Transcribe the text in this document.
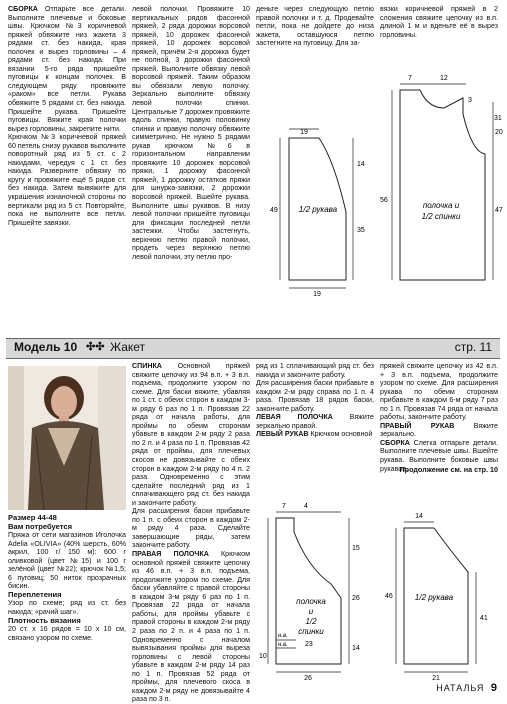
СБОРКА Отпарьте все детали. Выполните плечевые и боковые швы. Крючком №3 коричневой пряжей обвяжите низ жакета 3 рядами ст. без накида, края полочек и вырез горловины – 4 рядами ст. без накида. При вязании 5-го ряда пришейте пуговицы к концам полочек. В следующем ряду провяжите «раком» все петли. Рукава обвяжите 5 рядами ст. без накида. Пришейте рукава. Пришейте пуговицы. Вяжите края полочки вырез горловины, закрепите нити.

Крючком №3 коричневой пряжей 60 петель снизу рукавов выполните поворотный ряд из 5 ст. с 2 накидами, чередуя с 1 ст. без накида. Разверните обвязку по кругу и провяжите ещё 5 рядов ст. без накида. Затем вывяжите для украшения изнаночной стороны по вертикали ряд из 5 ст. Повторяйте, пока не выполните все петли. Пришейте завязки.

левой полочки. Провяжите 10 вертикальных рядов фасонной пряжей, 2 ряда дорожки ворсовой пряжей, 10 дорожек фасонной пряжей, 10 дорожек ворсовой пряжей, причём 2-я дорожка будет не полной, 3 дорожки фасонной пряжей. Выполните обвязку левой ворсовой пряжей. Таким образом вы обвязали левую полочку. Зеркально выполните обвязку левой полочки спинки. Центральные 7 дорожек провяжите вдоль спинки, правую половинку спинки и правую полочку обвяжите симметрично. Не нужно 5 рядами рукав крючком №6 в горизонтальном направлении провяжите 10 дорожек ворсовой пряжи, 1 дорожку фасонной пряжей, 1 дорожку остатков пряжи для шнурка-завязки, 2 дорожки ворсовой пряжей. Вшейте рукава. Выполните швы рукавов. В низу левой полочки пришейте пуговицы для фиксации последней петли застежки. Чтобы застегнуть, верхнюю петлю правой полочки, продеть через верхнюю петлю левой полочки, эту петлю про-

деньте через следующую петлю правой полочки и т. д. Продевайте петли, пока не дойдете до низа жакета, оставшуюся петлю застегните на пуговицу. Для за-

вязки коричневой пряжей в 2 сложения свяжите цепочку из в.п. длиной 1 м и вденьте её в вырез горловины.

19
14
49
35
19
1/2 рукава
7	12
3
31
56
20
47
полочка и
1/2 спинки
Модель 10 ✣✣ Жакет	стр. 11

Размер 44-48

Вам потребуется

Пряжа от сети магазинов Иголочка Adelia «OLIVIA» (40% шерсть, 60% акрил, 100 г/ 150 м): 600 г оливковой (цвет №15) и 100 г зелёной (цвет №22); крючок №1,5; 6 пуговиц; 50 ниток прозрачных бисин.

Переплетения

Узор по схеме; ряд из ст. без накида; «рачий шаг».

Плотность вязания

20 ст. x 16 рядов = 10 x 10 см, связано узором по схеме.

СПИНКА Основной пряжей свяжите цепочку из 94 в.п. + 3 в.п. подъема, продолжите узором по схеме. Для баски вяжите, убавляя по 1 ст. с обеих сторон в каждом 3-м ряду 6 раз по 1 п. Провязав 22 ряда от начала работы, для проймы по обеим сторонам убавьте в каждом 2-м ряду 2 раза по 2 п. и 4 раза по 1 п. Провязав 42 ряда от проймы, для плечевых скосов не довязывайте с обеих сторон в каждом 2-м ряду по 4 п. 2 раза. Одновременно с этим сделайте последний ряд из 1 сплачивающего ряд ст. без накида и закончите работу.

Для расширения баски прибавьте по 1 п. с обеих сторон в каждом 2-м ряду 4 раза. Сделайте завершающие ряды, затем закончите работу.

ПРАВАЯ ПОЛОЧКА Крючком основной пряжей свяжите цепочку из 46 в.п. + 3 в.п. подъема, продолжите узором по схеме. Для баски убавляйте с правой стороны в каждом 3-м ряду 6 раз по 1 п. Провязав 22 ряда от начала работы, для проймы убавьте с правой стороны в каждом 2-м ряду 2 раза по 2 п. и 4 раза по 1 п. Одновременно с началом вывязывания проймы для выреза горловины с левой стороны убавьте в каждом 2-м ряду 14 раз по 1 п. Провязав 52 ряда от проймы, для плечевого скоса в каждом 2-м ряду не довязывайте 4 раза по 3 п.

ряд из 1 сплачивающий ряд ст. без накида и закончите работу.

Для расширения баски прибавьте в каждом 2-м ряду справа по 1 п. 4 раза. Провязав 18 рядов баски, закончите работу.

ЛЕВАЯ ПОЛОЧКА Вяжите зеркально правой.

ЛЕВЫЙ РУКАВ Крючком основной

пряжей свяжите цепочку из 42 в.п. + 3 в.п. подъема, продолжите узором по схеме. Для расширения рукава по обеим сторонам прибавьте в каждом 6-м ряду 7 раз по 1 п. Провязав 74 ряда от начала работы, закончите работу.

ПРАВЫЙ РУКАВ Вяжите зеркально.

СБОРКА Слегка отпарьте детали. Выполните плечевые швы. Вшейте рукава. Выполните боковые швы рукавов.

Продолжение см. на стр. 10
7	4
15
26
14
н.в.
н.в. 23
10
26
полочка
и
1/2
спинки
14
46
41
21
1/2 рукава
НАТАЛЬЯ 9
